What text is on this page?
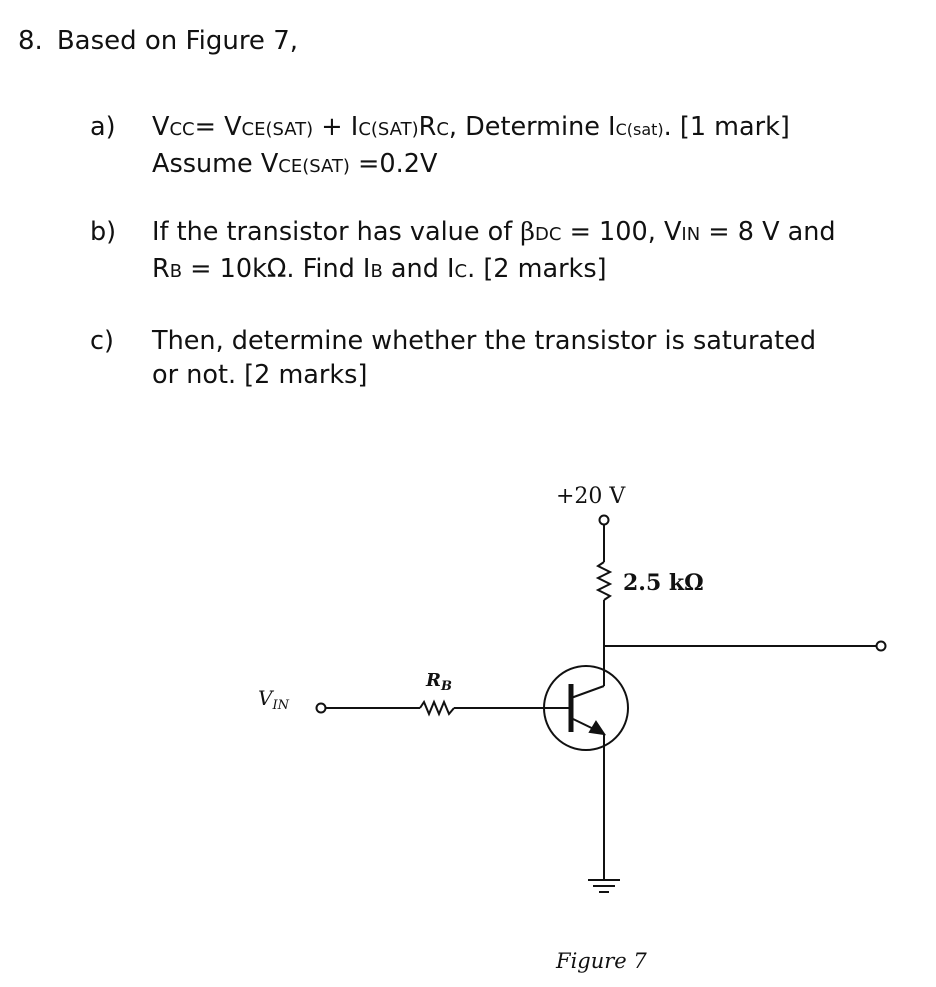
8. Based on Figure 7,
a) VCC= VCE(SAT) + IC(SAT)RC, Determine IC(sat). [1 mark]
Assume VCE(SAT) =0.2V
b) If the transistor has value of βDC = 100, VIN = 8 V and
RB = 10kΩ. Find IB and IC. [2 marks]
c) Then, determine whether the transistor is saturated
or not. [2 marks]
+20 V
2.5 kΩ
$R_B$
$V_{IN}$
Figure 7
